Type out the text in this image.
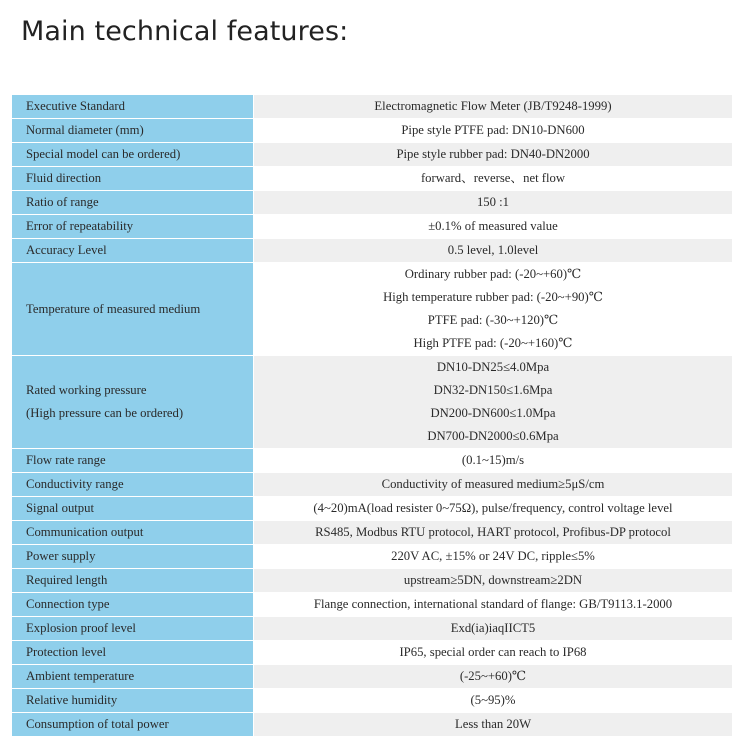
Main technical features:
Executive Standard	Electromagnetic Flow Meter (JB/T9248-1999)

Normal diameter (mm)	Pipe style PTFE pad: DN10-DN600

Special model can be ordered)	Pipe style rubber pad: DN40-DN2000

Fluid direction	forward、reverse、net flow

Ratio of range	150 :1

Error of repeatability	±0.1% of measured value

Accuracy Level	0.5 level, 1.0level

Temperature of measured medium	Ordinary rubber pad: (-20~+60)℃
High temperature rubber pad: (-20~+90)℃
PTFE pad: (-30~+120)℃
High PTFE pad: (-20~+160)℃

Rated working pressure
(High pressure can be ordered)	DN10-DN25≤4.0Mpa
DN32-DN150≤1.6Mpa
DN200-DN600≤1.0Mpa
DN700-DN2000≤0.6Mpa

Flow rate range	(0.1~15)m/s

Conductivity range	Conductivity of measured medium≥5μS/cm

Signal output	(4~20)mA(load resister 0~75Ω), pulse/frequency, control voltage level

Communication output	RS485, Modbus RTU protocol, HART protocol, Profibus-DP protocol

Power supply	220V AC, ±15% or 24V DC, ripple≤5%

Required length	upstream≥5DN, downstream≥2DN

Connection type	Flange connection, international standard of flange: GB/T9113.1-2000

Explosion proof level	Exd(ia)iaqIICT5

Protection level	IP65, special order can reach to IP68

Ambient temperature	(-25~+60)℃

Relative humidity	(5~95)%

Consumption of total power	Less than 20W
